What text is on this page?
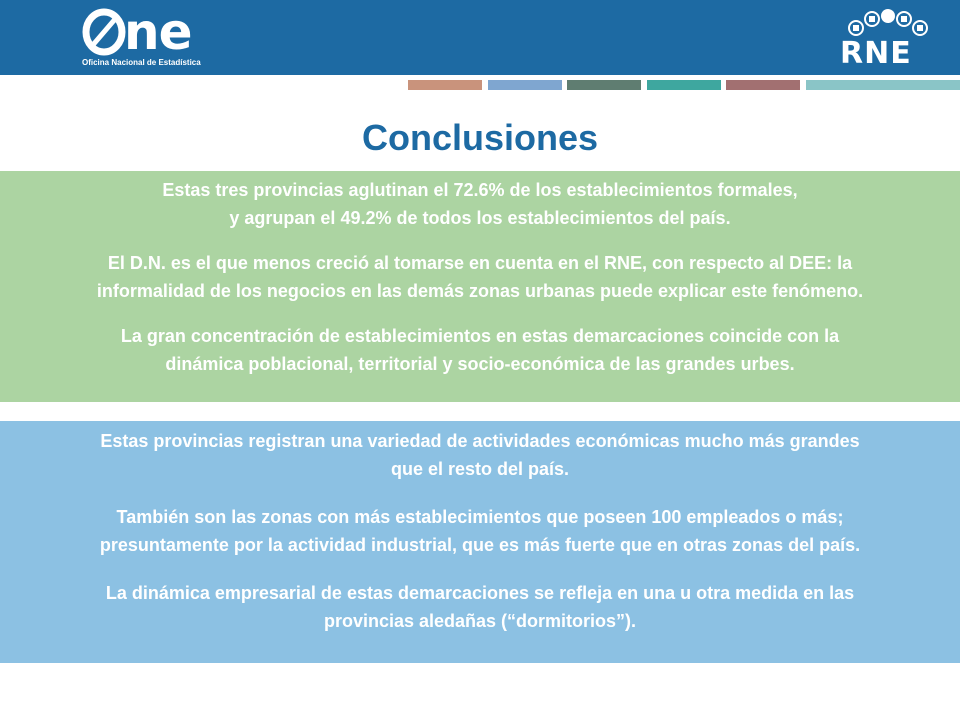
ne
Oficina Nacional de Estadística	RNE
Conclusiones

Estas tres provincias aglutinan el 72.6% de los establecimientos formales,
y agrupan el 49.2% de todos los establecimientos del país.

El D.N. es el que menos creció al tomarse en cuenta en el RNE, con respecto al DEE: la
informalidad de los negocios en las demás zonas urbanas puede explicar este fenómeno.

La gran concentración de establecimientos en estas demarcaciones coincide con la
dinámica poblacional, territorial y socio-económica de las grandes urbes.

Estas provincias registran una variedad de actividades económicas mucho más grandes
que el resto del país.

También son las zonas con más establecimientos que poseen 100 empleados o más;
presuntamente por la actividad industrial, que es más fuerte que en otras zonas del país.

La dinámica empresarial de estas demarcaciones se refleja en una u otra medida en las
provincias aledañas (“dormitorios”).
